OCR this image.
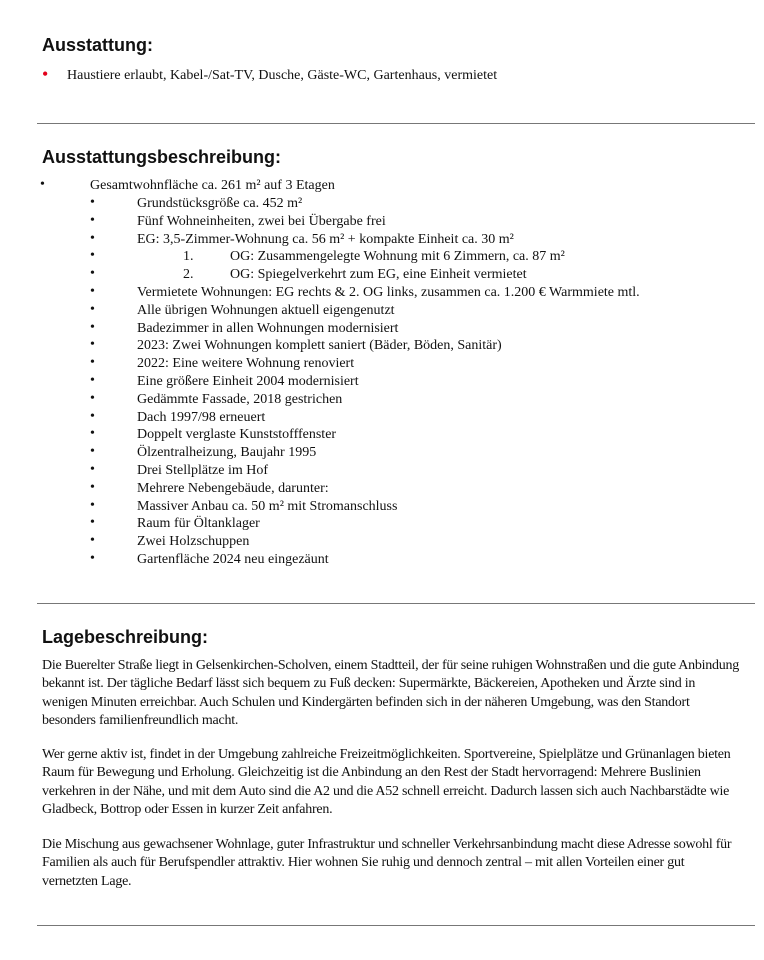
Ausstattung:
• Haustiere erlaubt, Kabel-/Sat-TV, Dusche, Gäste-WC, Gartenhaus, vermietet
Ausstattungsbeschreibung:
•	Gesamtwohnfläche ca. 261 m² auf 3 Etagen
•	Grundstücksgröße ca. 452 m²
•	Fünf Wohneinheiten, zwei bei Übergabe frei
•	EG: 3,5-Zimmer-Wohnung ca. 56 m² + kompakte Einheit ca. 30 m²
•	1.	OG: Zusammengelegte Wohnung mit 6 Zimmern, ca. 87 m²
•	2.	OG: Spiegelverkehrt zum EG, eine Einheit vermietet
•	Vermietete Wohnungen: EG rechts & 2. OG links, zusammen ca. 1.200 € Warmmiete mtl.
•	Alle übrigen Wohnungen aktuell eigengenutzt
•	Badezimmer in allen Wohnungen modernisiert
•	2023: Zwei Wohnungen komplett saniert (Bäder, Böden, Sanitär)
•	2022: Eine weitere Wohnung renoviert
•	Eine größere Einheit 2004 modernisiert
•	Gedämmte Fassade, 2018 gestrichen
•	Dach 1997/98 erneuert
•	Doppelt verglaste Kunststofffenster
•	Ölzentralheizung, Baujahr 1995
•	Drei Stellplätze im Hof
•	Mehrere Nebengebäude, darunter:
•	Massiver Anbau ca. 50 m² mit Stromanschluss
•	Raum für Öltanklager
•	Zwei Holzschuppen
•	Gartenfläche 2024 neu eingezäunt
Lagebeschreibung:

Die Buerelter Straße liegt in Gelsenkirchen-Scholven, einem Stadtteil, der für seine ruhigen Wohnstraßen und die gute Anbindung bekannt ist. Der tägliche Bedarf lässt sich bequem zu Fuß decken: Supermärkte, Bäckereien, Apotheken und Ärzte sind in wenigen Minuten erreichbar. Auch Schulen und Kindergärten befinden sich in der näheren Umgebung, was den Standort besonders familienfreundlich macht.

Wer gerne aktiv ist, findet in der Umgebung zahlreiche Freizeitmöglichkeiten. Sportvereine, Spielplätze und Grünanlagen bieten Raum für Bewegung und Erholung. Gleichzeitig ist die Anbindung an den Rest der Stadt hervorragend: Mehrere Buslinien verkehren in der Nähe, und mit dem Auto sind die A2 und die A52 schnell erreicht. Dadurch lassen sich auch Nachbarstädte wie Gladbeck, Bottrop oder Essen in kurzer Zeit anfahren.

Die Mischung aus gewachsener Wohnlage, guter Infrastruktur und schneller Verkehrsanbindung macht diese Adresse sowohl für Familien als auch für Berufspendler attraktiv. Hier wohnen Sie ruhig und dennoch zentral – mit allen Vorteilen einer gut vernetzten Lage.
